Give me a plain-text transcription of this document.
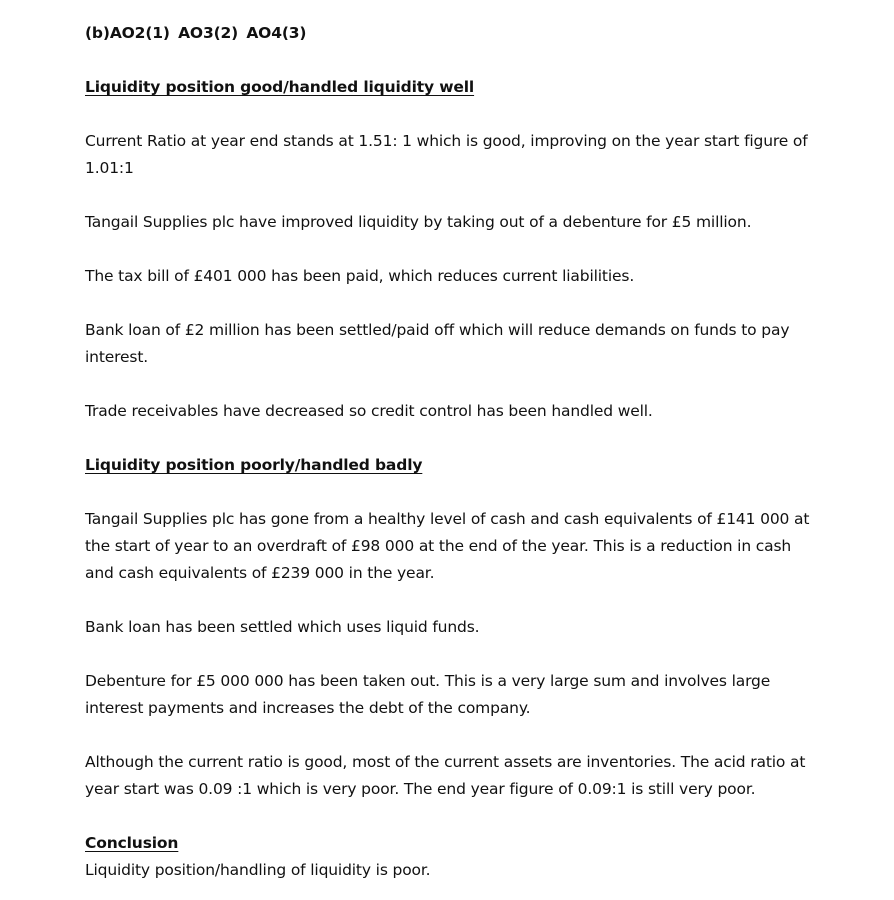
(b)AO2(1) AO3(2) AO4(3)
Liquidity position good/handled liquidity well

Current Ratio at year end stands at 1.51: 1 which is good, improving on the year start figure of 1.01:1

Tangail Supplies plc have improved liquidity by taking out of a debenture for £5 million.

The tax bill of £401 000 has been paid, which reduces current liabilities.

Bank loan of £2 million has been settled/paid off which will reduce demands on funds to pay interest.

Trade receivables have decreased so credit control has been handled well.

Liquidity position poorly/handled badly

Tangail Supplies plc has gone from a healthy level of cash and cash equivalents of £141 000 at the start of year to an overdraft of £98 000 at the end of the year. This is a reduction in cash and cash equivalents of £239 000 in the year.

Bank loan has been settled which uses liquid funds.

Debenture for £5 000 000 has been taken out. This is a very large sum and involves large interest payments and increases the debt of the company.

Although the current ratio is good, most of the current assets are inventories. The acid ratio at year start was 0.09 :1 which is very poor. The end year figure of 0.09:1 is still very poor.

Conclusion

Liquidity position/handling of liquidity is poor.
